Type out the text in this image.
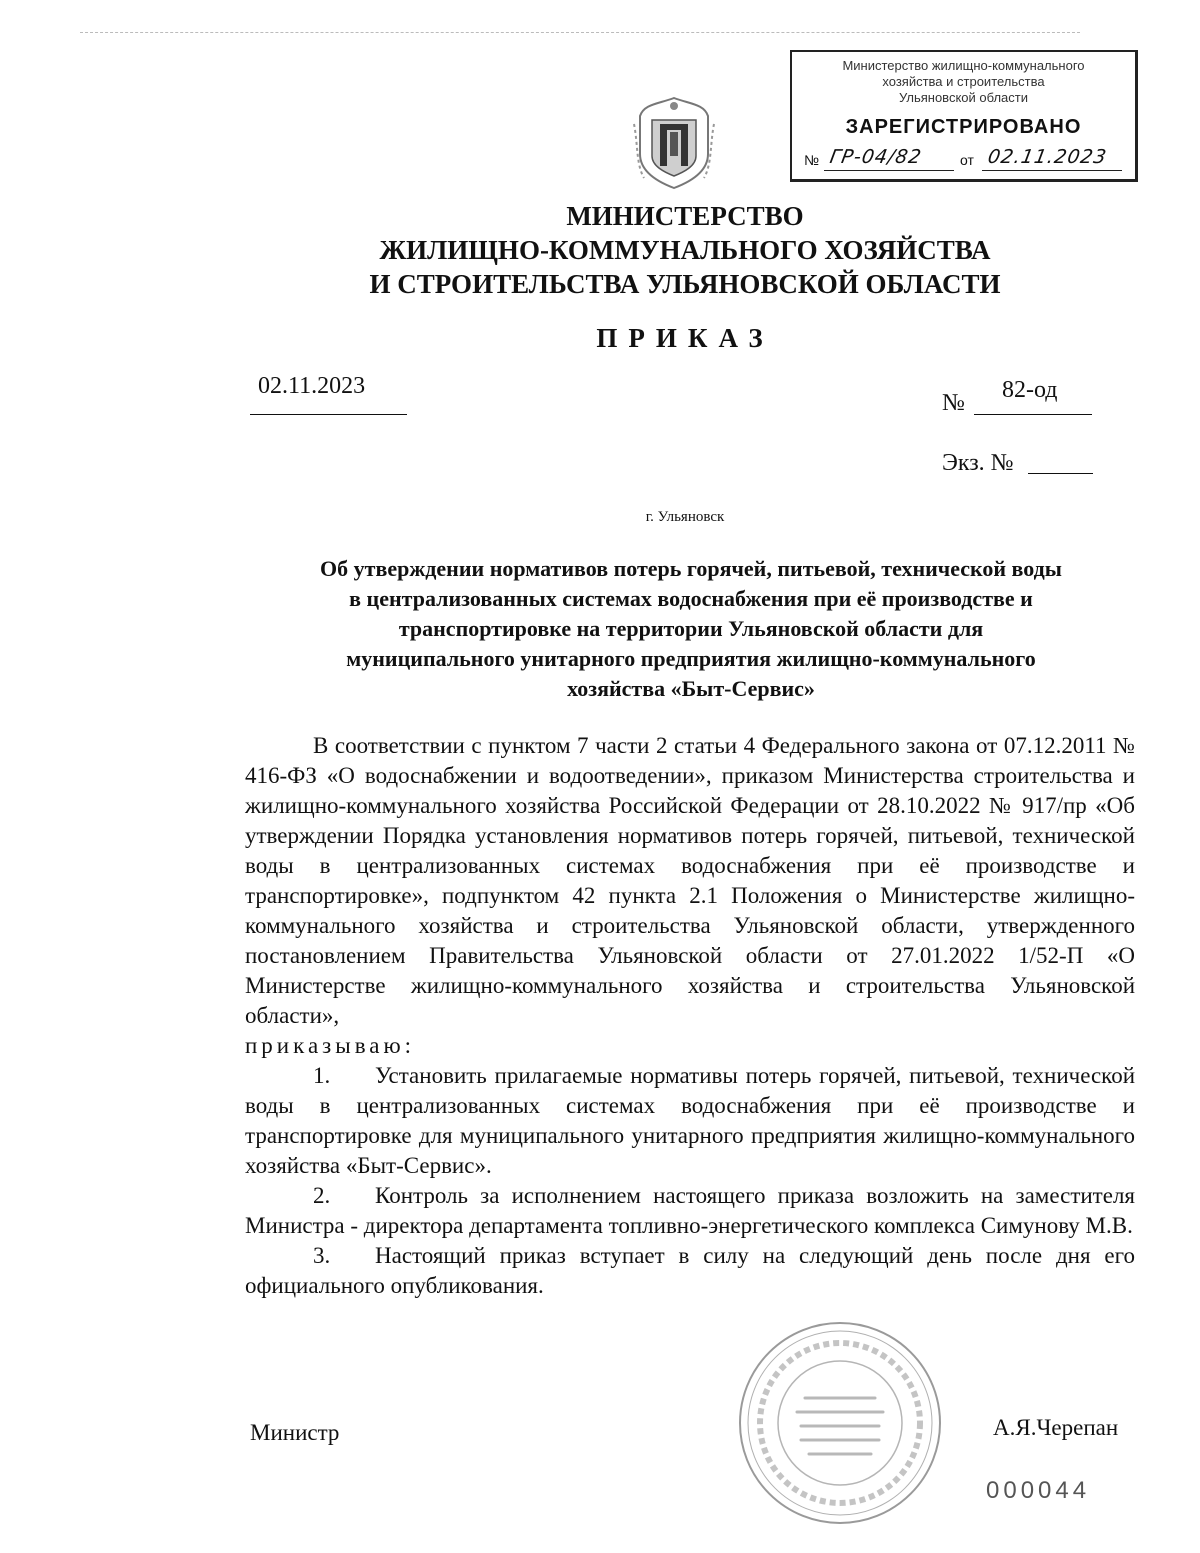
Министерство жилищно-коммунального
хозяйства и строительства
Ульяновской области
ЗАРЕГИСТРИРОВАНО
№ ГР-04/82	от 02.11.2023
МИНИСТЕРСТВО
ЖИЛИЩНО-КОММУНАЛЬНОГО ХОЗЯЙСТВА
И СТРОИТЕЛЬСТВА УЛЬЯНОВСКОЙ ОБЛАСТИ
ПРИКАЗ
02.11.2023
№ 82-од
Экз. №
г. Ульяновск
Об утверждении нормативов потерь горячей, питьевой, технической воды
в централизованных системах водоснабжения при её производстве и
транспортировке на территории Ульяновской области для
муниципального унитарного предприятия жилищно-коммунального
хозяйства «Быт-Сервис»
В соответствии с пунктом 7 части 2 статьи 4 Федерального закона от 07.12.2011 № 416-ФЗ «О водоснабжении и водоотведении», приказом Министерства строительства и жилищно-коммунального хозяйства Российской Федерации от 28.10.2022 № 917/пр «Об утверждении Порядка установления нормативов потерь горячей, питьевой, технической воды в централизованных системах водоснабжения при её производстве и транспортировке», подпунктом 42 пункта 2.1 Положения о Министерстве жилищно-коммунального хозяйства и строительства Ульяновской области, утвержденного постановлением Правительства Ульяновской области от 27.01.2022 1/52-П «О Министерстве жилищно-коммунального хозяйства и строительства Ульяновской области»,
приказываю:
1. Установить прилагаемые нормативы потерь горячей, питьевой, технической воды в централизованных системах водоснабжения при её производстве и транспортировке для муниципального унитарного предприятия жилищно-коммунального хозяйства «Быт-Сервис».
2. Контроль за исполнением настоящего приказа возложить на заместителя Министра - директора департамента топливно-энергетического комплекса Симунову М.В.
3. Настоящий приказ вступает в силу на следующий день после дня его официального опубликования.
Министр	А.Я.Черепан
000044
